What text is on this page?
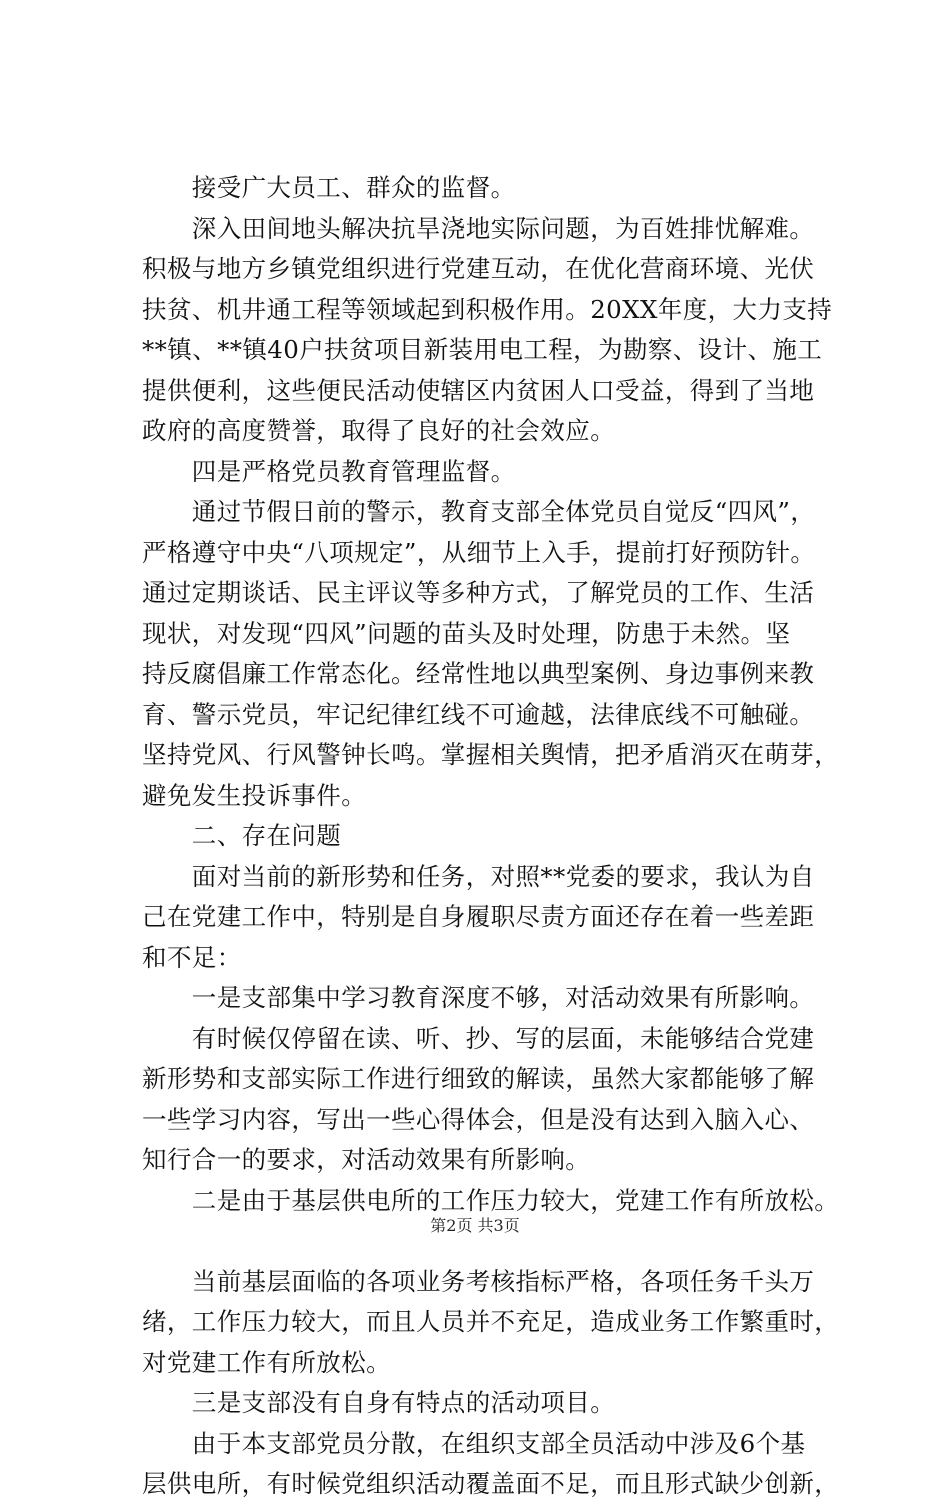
　　接受广大员工、群众的监督。
　　深入田间地头解决抗旱浇地实际问题，为百姓排忧解难。
积极与地方乡镇党组织进行党建互动，在优化营商环境、光伏
扶贫、机井通工程等领域起到积极作用。20XX年度，大力支持
**镇、**镇40户扶贫项目新装用电工程，为勘察、设计、施工
提供便利，这些便民活动使辖区内贫困人口受益，得到了当地
政府的高度赞誉，取得了良好的社会效应。
　　四是严格党员教育管理监督。
　　通过节假日前的警示，教育支部全体党员自觉反“四风”，
严格遵守中央“八项规定”，从细节上入手，提前打好预防针。
通过定期谈话、民主评议等多种方式，了解党员的工作、生活
现状，对发现“四风”问题的苗头及时处理，防患于未然。坚
持反腐倡廉工作常态化。经常性地以典型案例、身边事例来教
育、警示党员，牢记纪律红线不可逾越，法律底线不可触碰。
坚持党风、行风警钟长鸣。掌握相关舆情，把矛盾消灭在萌芽，
避免发生投诉事件。
　　二、存在问题
　　面对当前的新形势和任务，对照**党委的要求，我认为自
己在党建工作中，特别是自身履职尽责方面还存在着一些差距
和不足：
　　一是支部集中学习教育深度不够，对活动效果有所影响。
　　有时候仅停留在读、听、抄、写的层面，未能够结合党建
新形势和支部实际工作进行细致的解读，虽然大家都能够了解
一些学习内容，写出一些心得体会，但是没有达到入脑入心、
知行合一的要求，对活动效果有所影响。
　　二是由于基层供电所的工作压力较大，党建工作有所放松。
　　当前基层面临的各项业务考核指标严格，各项任务千头万
绪，工作压力较大，而且人员并不充足，造成业务工作繁重时，
对党建工作有所放松。
　　三是支部没有自身有特点的活动项目。
　　由于本支部党员分散，在组织支部全员活动中涉及6个基
层供电所，有时候党组织活动覆盖面不足，而且形式缺少创新，
第2页 共3页
